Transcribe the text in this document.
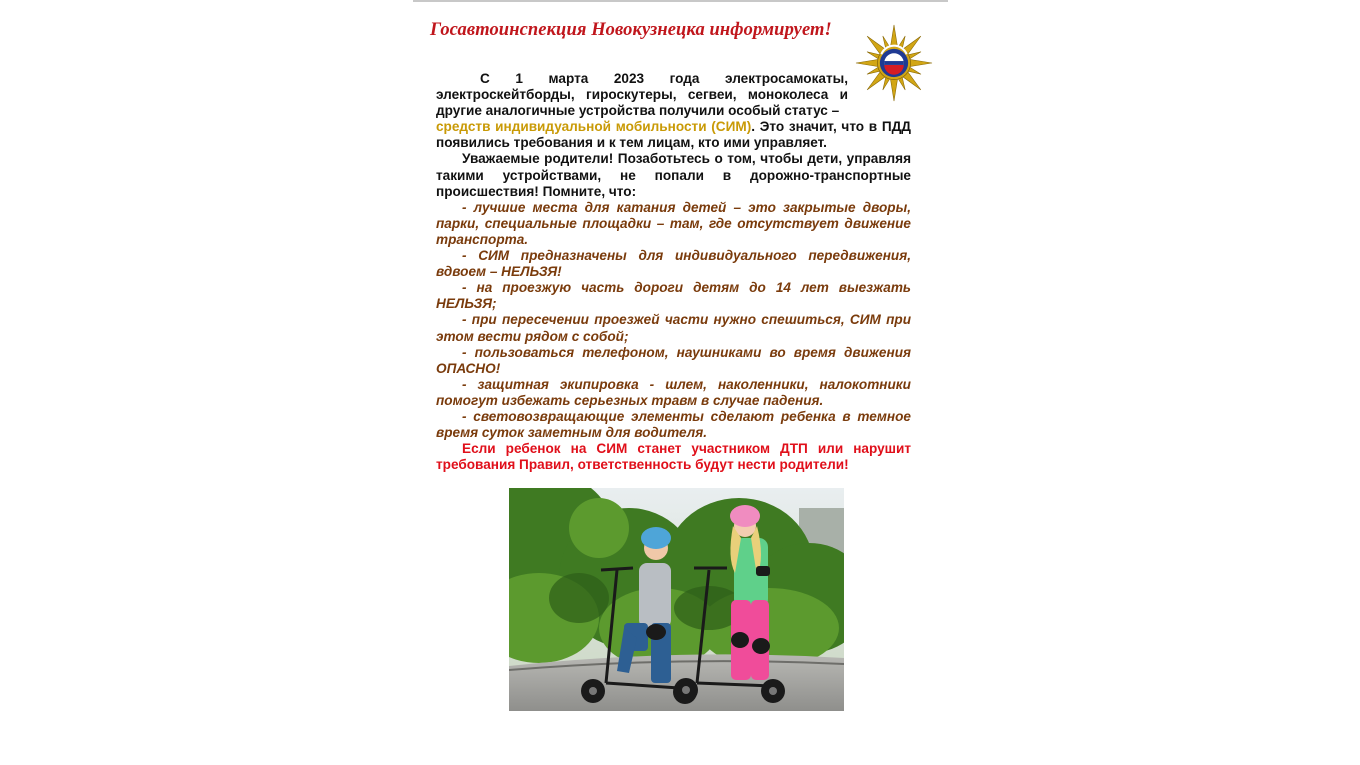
Госавтоинспекция Новокузнецка информирует!

С 1 марта 2023 года электросамокаты, электроскейтборды, гироскутеры, сегвеи, моноколеса и другие аналогичные устройства получили особый статус –
средств индивидуальной мобильности (СИМ). Это значит, что в ПДД появились требования и к тем лицам, кто ими управляет.

Уважаемые родители! Позаботьтесь о том, чтобы дети, управляя такими устройствами, не попали в дорожно-транспортные происшествия! Помните, что:

- лучшие места для катания детей – это закрытые дворы, парки, специальные площадки – там, где отсутствует движение транспорта.

- СИМ предназначены для индивидуального передвижения, вдвоем – НЕЛЬЗЯ!

- на проезжую часть дороги детям до 14 лет выезжать НЕЛЬЗЯ;

- при пересечении проезжей части нужно спешиться, СИМ при этом вести рядом с собой;

- пользоваться телефоном, наушниками во время движения ОПАСНО!

- защитная экипировка - шлем, наколенники, налокотники помогут избежать серьезных травм в случае падения.

- световозвращающие элементы сделают ребенка в темное время суток заметным для водителя.

Если ребенок на СИМ станет участником ДТП или нарушит требования Правил, ответственность будут нести родители!
